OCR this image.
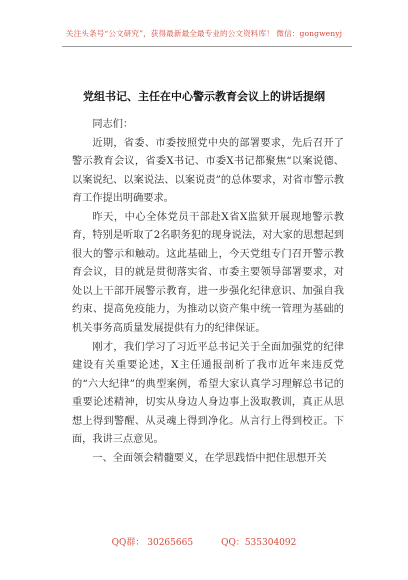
关注头条号“公文研究”，获得最新最全最专业的公文资料库！ 微信：gongwenyj
党组书记、主任在中心警示教育会议上的讲话提纲

同志们：

近期，省委、市委按照党中央的部署要求，先后召开了警示教育会议，省委X书记、市委X书记都聚焦“以案说德、以案说纪、以案说法、以案说责”的总体要求，对省市警示教育工作提出明确要求。

昨天，中心全体党员干部赴X省X监狱开展现地警示教育，特别是听取了2名职务犯的现身说法，对大家的思想起到很大的警示和触动。这此基础上，今天党组专门召开警示教育会议，目的就是贯彻落实省、市委主要领导部署要求，对处以上干部开展警示教育，进一步强化纪律意识、加强自我约束、提高免疫能力，为推动以资产集中统一管理为基础的机关事务高质量发展提供有力的纪律保证。

刚才，我们学习了习近平总书记关于全面加强党的纪律建设有关重要论述，X主任通报剖析了我市近年来违反党的“六大纪律”的典型案例，希望大家认真学习理解总书记的重要论述精神，切实从身边人身边事上汲取教训，真正从思想上得到警醒、从灵魂上得到净化。从言行上得到校正。下面，我讲三点意见。

一、全面领会精髓要义，在学思践悟中把住思想开关

QQ群： 30265665	QQ：535304092
